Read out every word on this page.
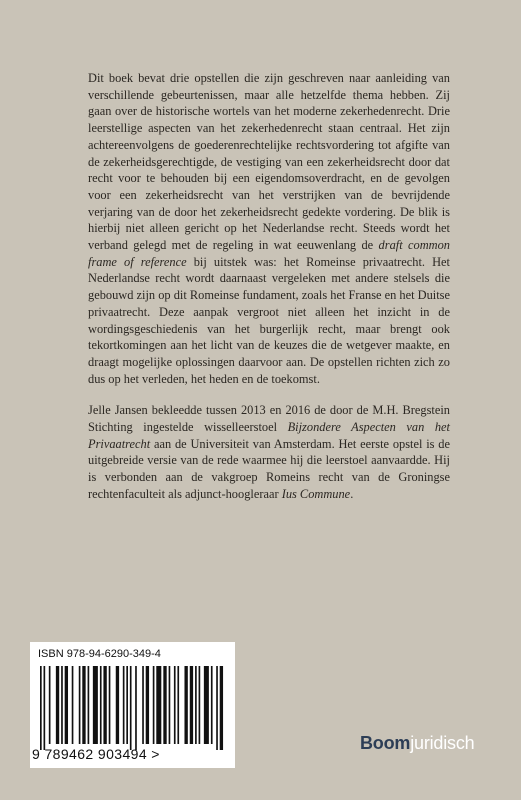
Dit boek bevat drie opstellen die zijn geschreven naar aanleiding van verschillende gebeurtenissen, maar alle hetzelfde thema hebben. Zij gaan over de historische wortels van het moderne zekerhedenrecht. Drie leerstellige aspecten van het zekerhedenrecht staan centraal. Het zijn achtereenvolgens de goederenrechtelijke rechtsvordering tot afgifte van de zekerheidsgerechtigde, de vestiging van een zekerheidsrecht door dat recht voor te behouden bij een eigendomsoverdracht, en de gevolgen voor een zekerheidsrecht van het verstrijken van de bevrijdende verjaring van de door het zekerheidsrecht gedekte vordering. De blik is hierbij niet alleen gericht op het Nederlandse recht. Steeds wordt het verband gelegd met de regeling in wat eeuwenlang de draft common frame of reference bij uitstek was: het Romeinse privaatrecht. Het Nederlandse recht wordt daarnaast vergeleken met andere stelsels die gebouwd zijn op dit Romeinse fundament, zoals het Franse en het Duitse privaatrecht. Deze aanpak vergroot niet alleen het inzicht in de wordingsgeschiedenis van het burgerlijk recht, maar brengt ook tekortkomingen aan het licht van de keuzes die de wetgever maakte, en draagt mogelijke oplossingen daarvoor aan. De opstellen richten zich zo dus op het verleden, het heden en de toekomst.

Jelle Jansen bekleedde tussen 2013 en 2016 de door de M.H. Bregstein Stichting ingestelde wisselleerstoel Bijzondere Aspecten van het Privaatrecht aan de Universiteit van Amsterdam. Het eerste opstel is de uitgebreide versie van de rede waarmee hij die leerstoel aanvaardde. Hij is verbonden aan de vakgroep Romeins recht van de Groningse rechtenfaculteit als adjunct-hoogleraar Ius Commune.

ISBN 978-94-6290-349-4
9 789462 903494 >
Boomjuridisch
